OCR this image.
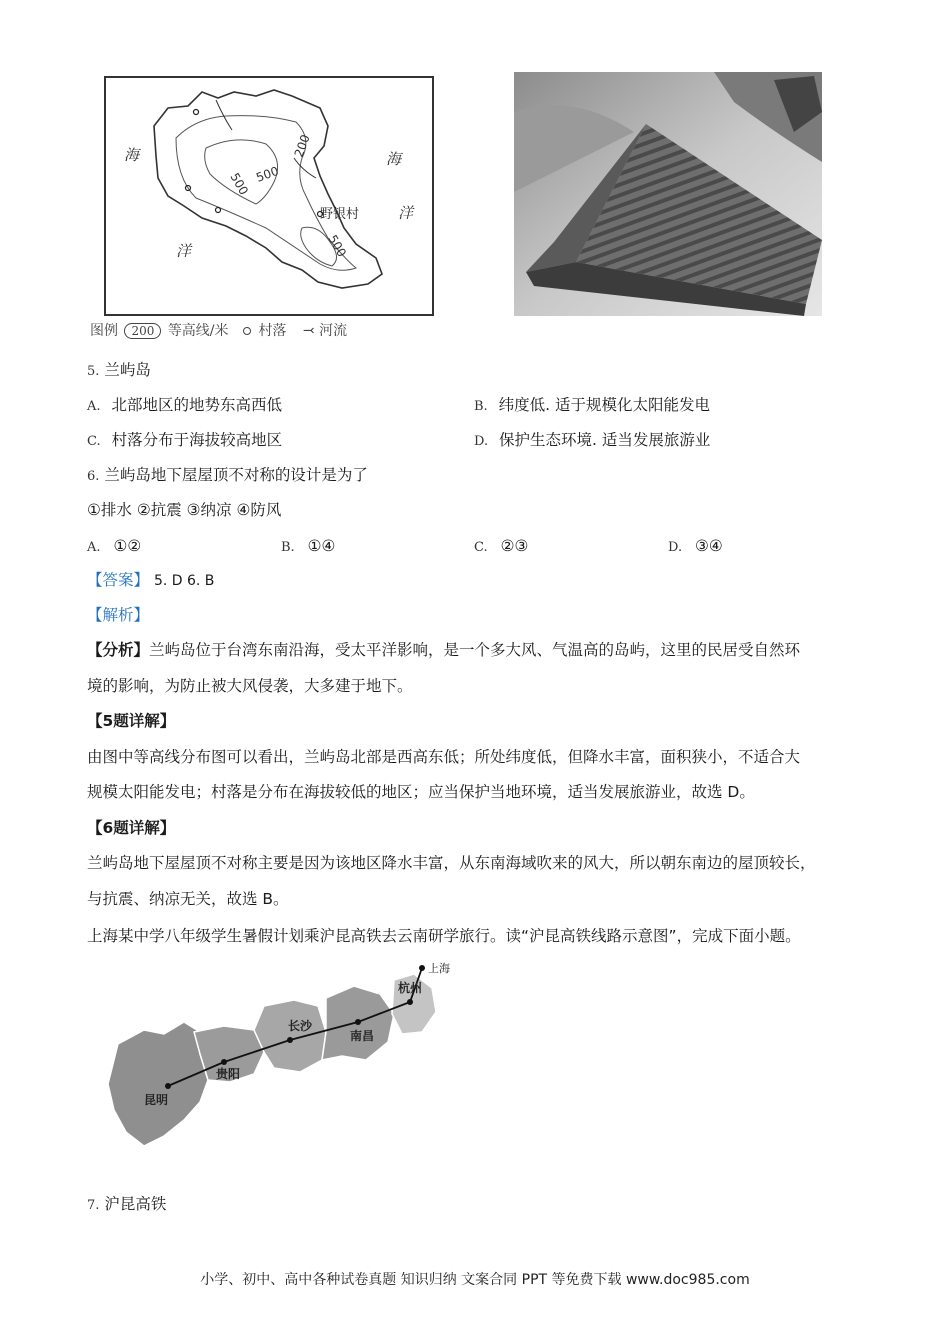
海	海
洋
洋
200
500 500
500
野银村
图例 200 等高线/米 村落 ⤙ 河流
5. 兰屿岛
A. 北部地区的地势东高西低	B. 纬度低. 适于规模化太阳能发电
C. 村落分布于海拔较高地区	D. 保护生态环境. 适当发展旅游业
6. 兰屿岛地下屋屋顶不对称的设计是为了
①排水 ②抗震 ③纳凉 ④防风
A. ①②	B. ①④	C. ②③	D. ③④
【答案】 5. D 6. B
【解析】
【分析】兰屿岛位于台湾东南沿海，受太平洋影响，是一个多大风、气温高的岛屿，这里的民居受自然环
境的影响，为防止被大风侵袭，大多建于地下。
【5题详解】
由图中等高线分布图可以看出，兰屿岛北部是西高东低；所处纬度低，但降水丰富，面积狭小，不适合大
规模太阳能发电；村落是分布在海拔较低的地区；应当保护当地环境，适当发展旅游业，故选 D。
【6题详解】
兰屿岛地下屋屋顶不对称主要是因为该地区降水丰富，从东南海域吹来的风大，所以朝东南边的屋顶较长，
与抗震、纳凉无关，故选 B。
上海某中学八年级学生暑假计划乘沪昆高铁去云南研学旅行。读“沪昆高铁线路示意图”，完成下面小题。
上海
杭州
南昌
长沙
贵阳
昆明
7. 沪昆高铁
小学、初中、高中各种试卷真题 知识归纳 文案合同 PPT 等免费下载 www.doc985.com
